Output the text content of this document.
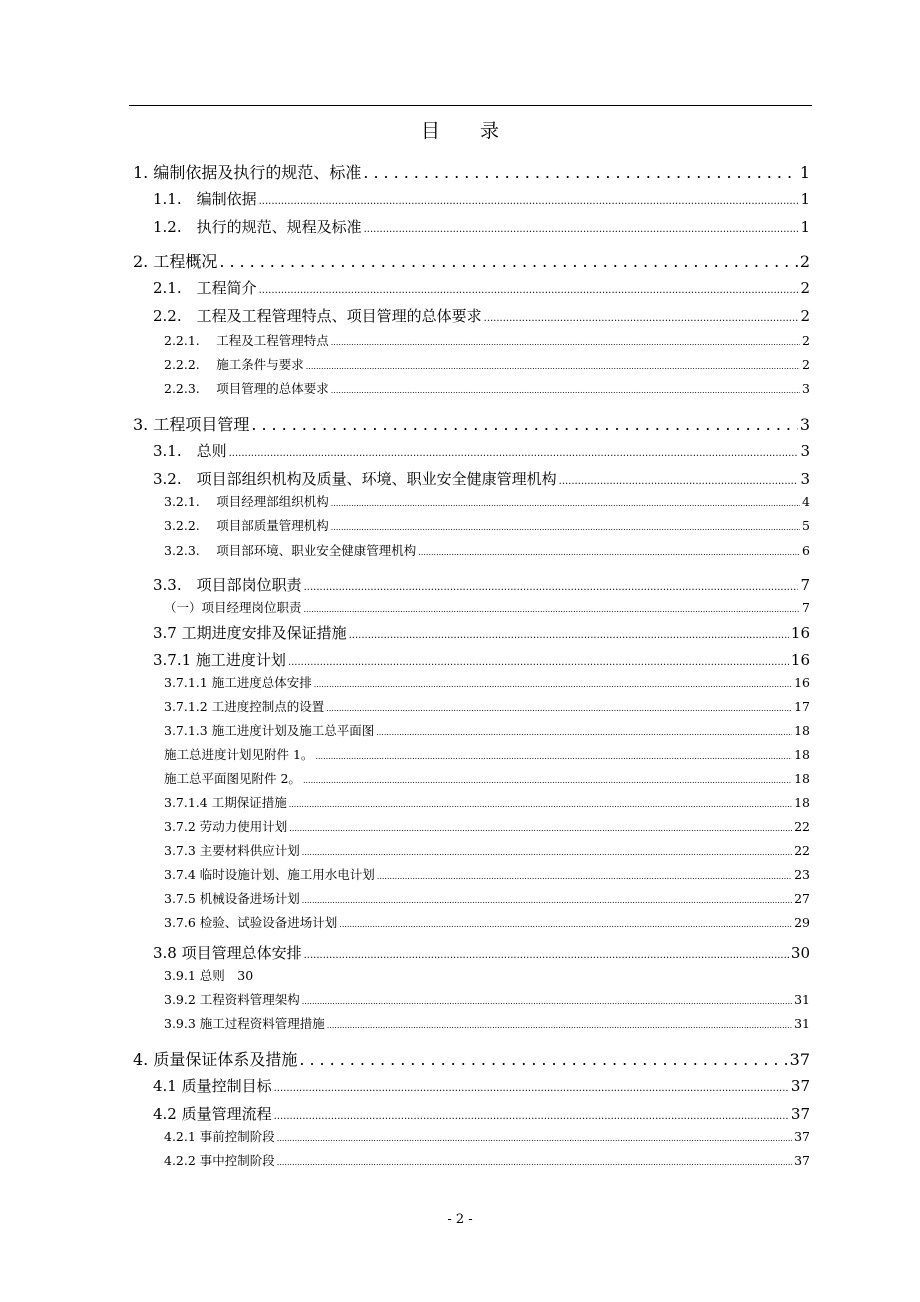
目录
1. 编制依据及执行的规范、标准 .....	1
1.1.　编制依据 .....	1
1.2.　执行的规范、规程及标准 .....	1
2. 工程概况 .....	2
2.1.　工程简介 .....	2
2.2.　工程及工程管理特点、项目管理的总体要求 .....	2
2.2.1.　 工程及工程管理特点 .....	2
2.2.2.　 施工条件与要求 .....	2
2.2.3.　 项目管理的总体要求 .....	3
3. 工程项目管理 .....	3
3.1.　总则 .....	3
3.2.　项目部组织机构及质量、环境、职业安全健康管理机构 .....	3
3.2.1.　 项目经理部组织机构 .....	4
3.2.2.　 项目部质量管理机构 .....	5
3.2.3.　 项目部环境、职业安全健康管理机构 .....	6
3.3.　项目部岗位职责 .....	7
（一）项目经理岗位职责 .....	7
3.7 工期进度安排及保证措施 .....	16
3.7.1 施工进度计划 .....	16
3.7.1.1 施工进度总体安排 .....	16
3.7.1.2 工进度控制点的设置 .....	17
3.7.1.3 施工进度计划及施工总平面图 .....	18
施工总进度计划见附件 1。 .....	18
施工总平面图见附件 2。 .....	18
3.7.1.4 工期保证措施 .....	18
3.7.2 劳动力使用计划 .....	22
3.7.3 主要材料供应计划 .....	22
3.7.4 临时设施计划、施工用水电计划 .....	23
3.7.5 机械设备进场计划 .....	27
3.7.6 检验、试验设备进场计划 .....	29
3.8 项目管理总体安排 .....	30
3.9.1 总则　30
3.9.2 工程资料管理架构 .....	31
3.9.3 施工过程资料管理措施 .....	31
4. 质量保证体系及措施 .....	37
4.1 质量控制目标 .....	37
4.2 质量管理流程 .....	37
4.2.1 事前控制阶段 .....	37
4.2.2 事中控制阶段 .....	37
- 2 -
